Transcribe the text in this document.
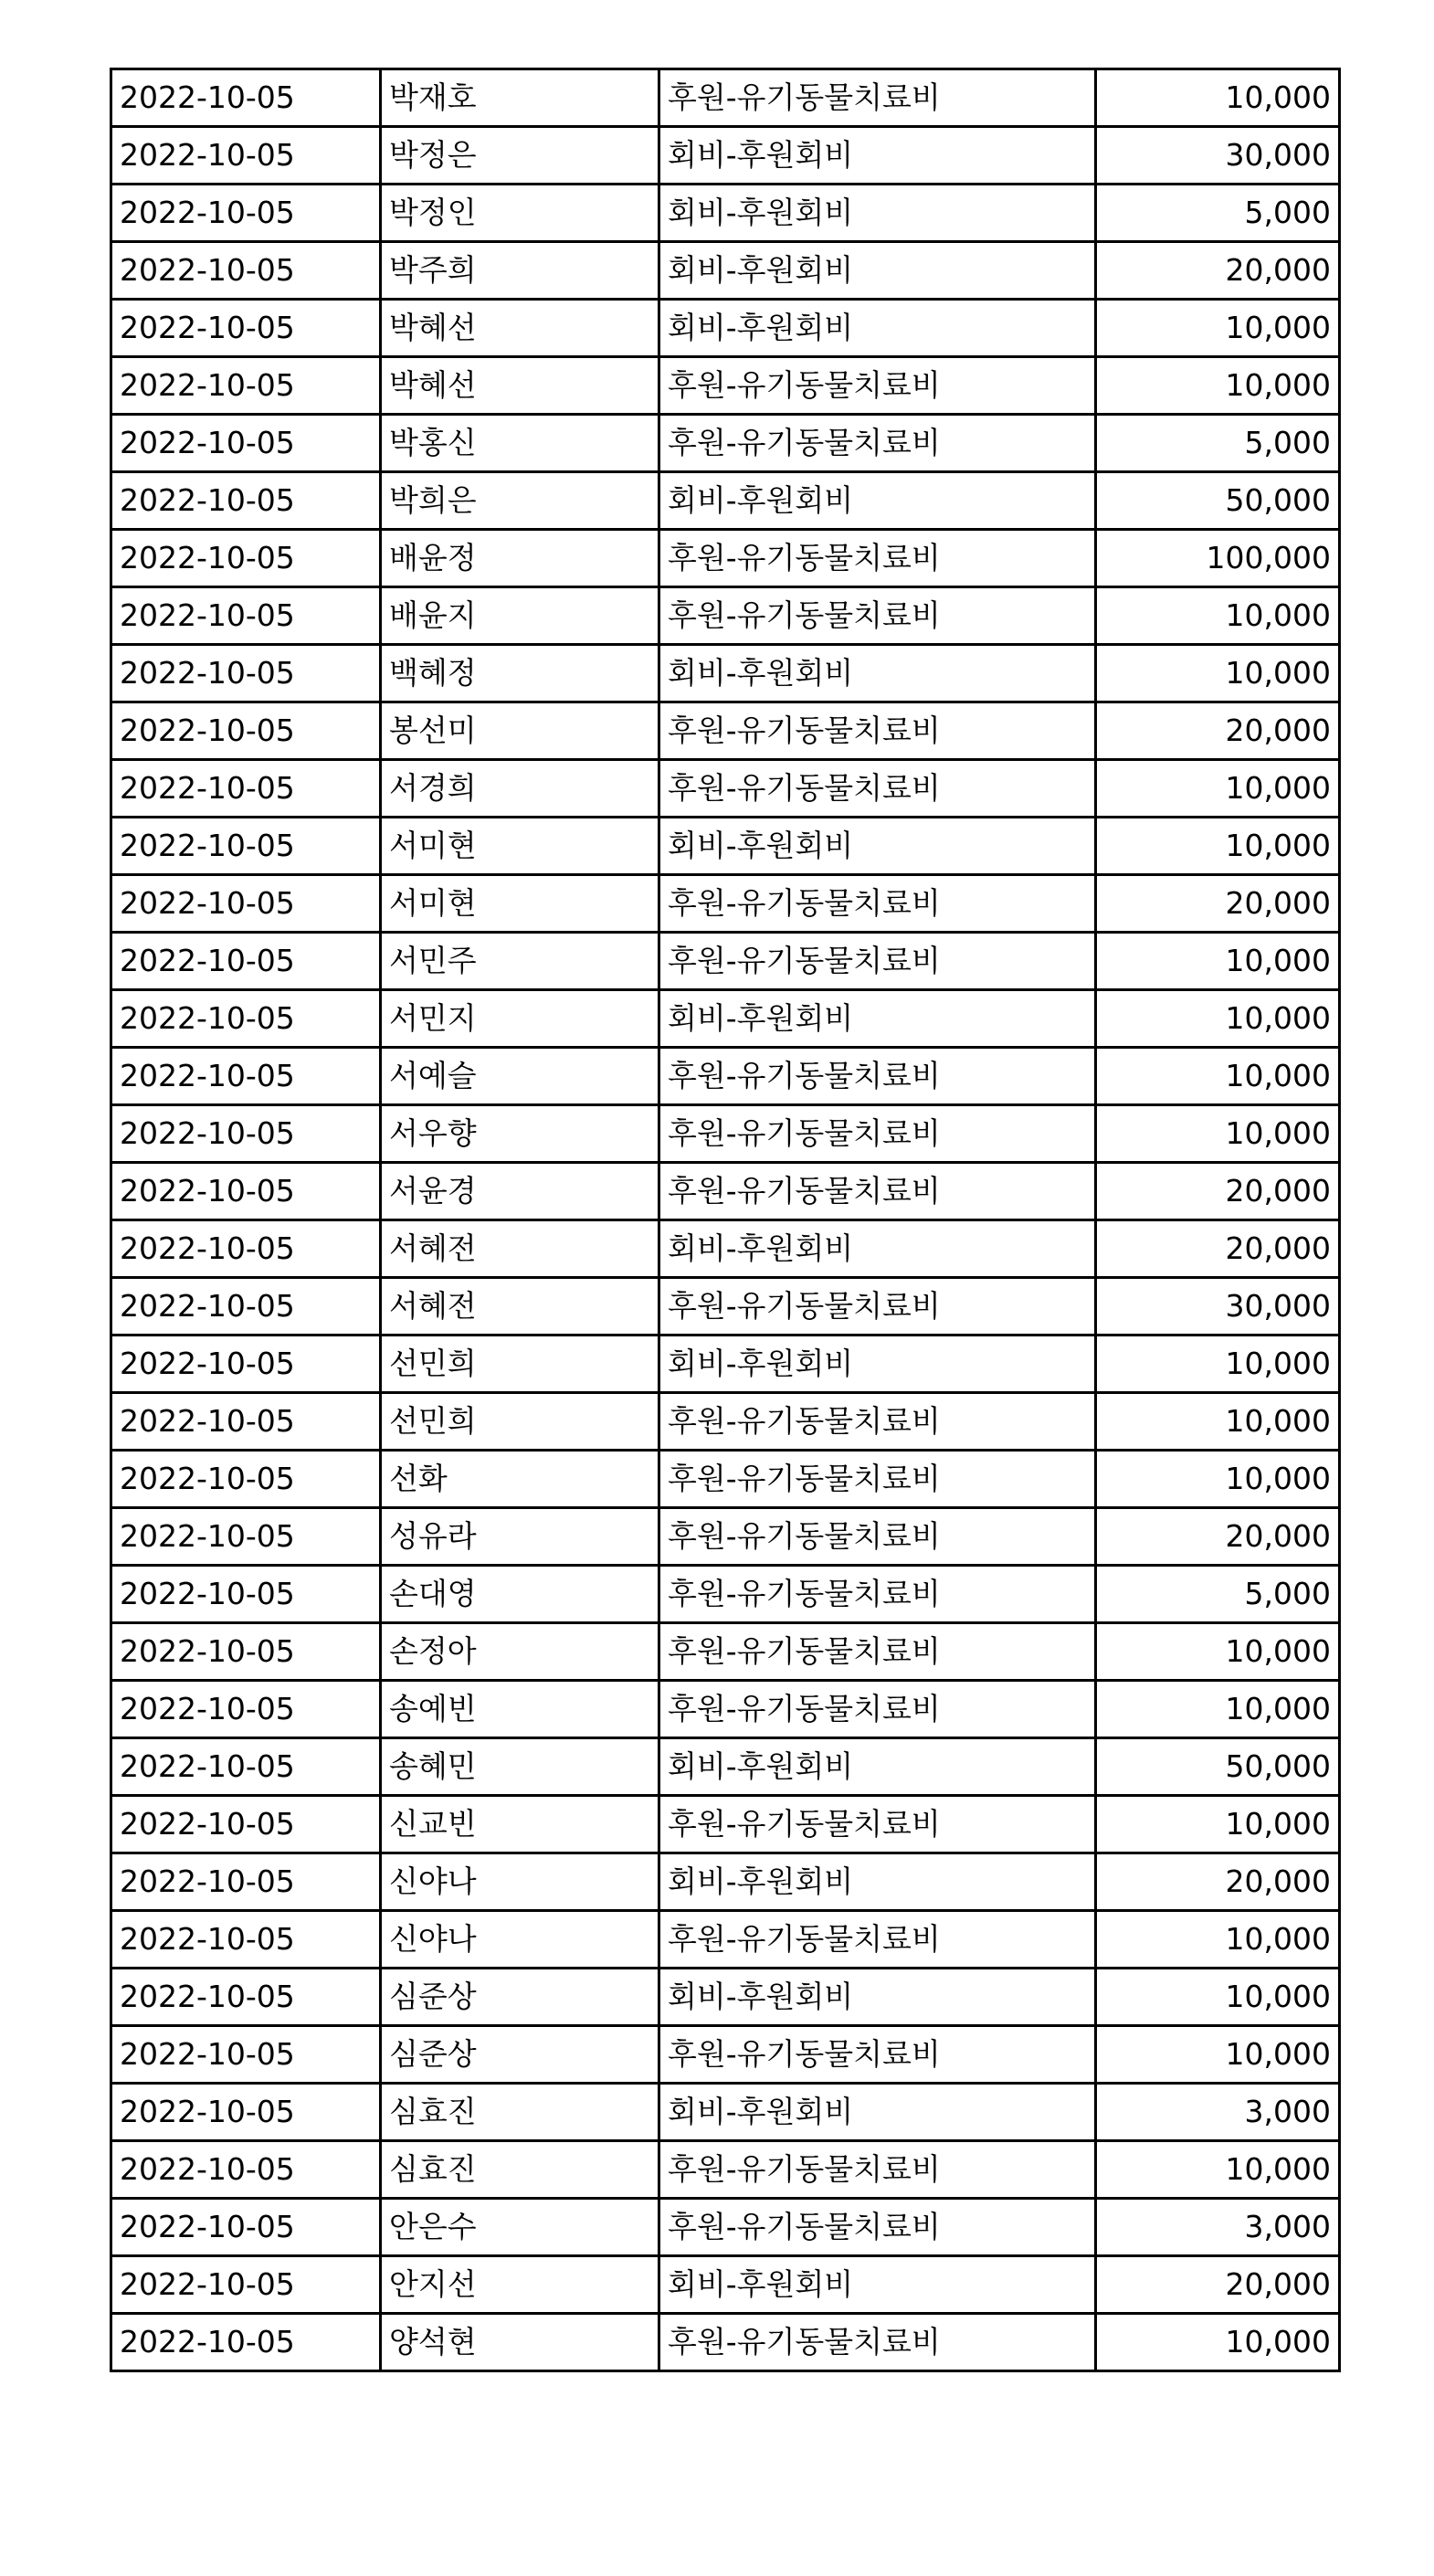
2022-10-05	박재호	후원-유기동물치료비	10,000
2022-10-05	박정은	회비-후원회비	30,000
2022-10-05	박정인	회비-후원회비	5,000
2022-10-05	박주희	회비-후원회비	20,000
2022-10-05	박혜선	회비-후원회비	10,000
2022-10-05	박혜선	후원-유기동물치료비	10,000
2022-10-05	박홍신	후원-유기동물치료비	5,000
2022-10-05	박희은	회비-후원회비	50,000
2022-10-05	배윤정	후원-유기동물치료비	100,000
2022-10-05	배윤지	후원-유기동물치료비	10,000
2022-10-05	백혜정	회비-후원회비	10,000
2022-10-05	봉선미	후원-유기동물치료비	20,000
2022-10-05	서경희	후원-유기동물치료비	10,000
2022-10-05	서미현	회비-후원회비	10,000
2022-10-05	서미현	후원-유기동물치료비	20,000
2022-10-05	서민주	후원-유기동물치료비	10,000
2022-10-05	서민지	회비-후원회비	10,000
2022-10-05	서예슬	후원-유기동물치료비	10,000
2022-10-05	서우향	후원-유기동물치료비	10,000
2022-10-05	서윤경	후원-유기동물치료비	20,000
2022-10-05	서혜전	회비-후원회비	20,000
2022-10-05	서혜전	후원-유기동물치료비	30,000
2022-10-05	선민희	회비-후원회비	10,000
2022-10-05	선민희	후원-유기동물치료비	10,000
2022-10-05	선화	후원-유기동물치료비	10,000
2022-10-05	성유라	후원-유기동물치료비	20,000
2022-10-05	손대영	후원-유기동물치료비	5,000
2022-10-05	손정아	후원-유기동물치료비	10,000
2022-10-05	송예빈	후원-유기동물치료비	10,000
2022-10-05	송혜민	회비-후원회비	50,000
2022-10-05	신교빈	후원-유기동물치료비	10,000
2022-10-05	신야나	회비-후원회비	20,000
2022-10-05	신야나	후원-유기동물치료비	10,000
2022-10-05	심준상	회비-후원회비	10,000
2022-10-05	심준상	후원-유기동물치료비	10,000
2022-10-05	심효진	회비-후원회비	3,000
2022-10-05	심효진	후원-유기동물치료비	10,000
2022-10-05	안은수	후원-유기동물치료비	3,000
2022-10-05	안지선	회비-후원회비	20,000
2022-10-05	양석현	후원-유기동물치료비	10,000
